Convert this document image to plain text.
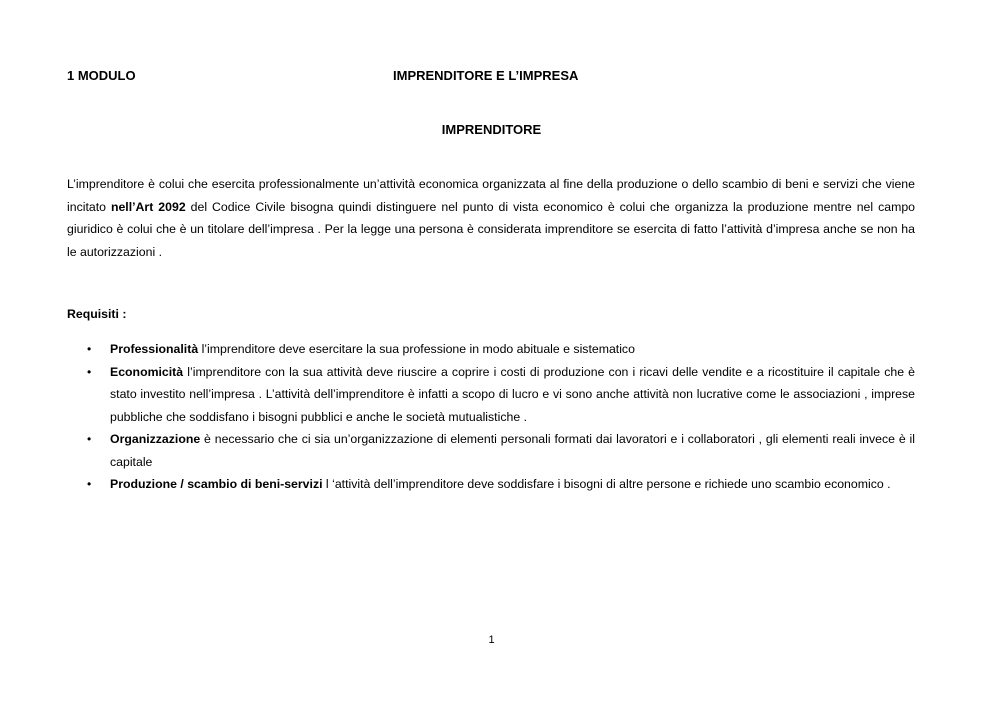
1 MODULO	IMPRENDITORE E L’IMPRESA
IMPRENDITORE

L’imprenditore è colui che esercita professionalmente un’attività economica organizzata al fine della produzione o dello scambio di beni e servizi che viene incitato nell’Art 2092 del Codice Civile bisogna quindi distinguere nel punto di vista economico è colui che organizza la produzione mentre nel campo giuridico è colui che è un titolare dell’impresa . Per la legge una persona è considerata imprenditore se esercita di fatto l’attività d’impresa anche se non ha le autorizzazioni .

Requisiti :
• Professionalità l’imprenditore deve esercitare la sua professione in modo abituale e sistematico
• Economicità l’imprenditore con la sua attività deve riuscire a coprire i costi di produzione con i ricavi delle vendite e a ricostituire il capitale che è stato investito nell’impresa . L’attività dell’imprenditore è infatti a scopo di lucro e vi sono anche attività non lucrative come le associazioni , imprese pubbliche che soddisfano i bisogni pubblici e anche le società mutualistiche .
• Organizzazione è necessario che ci sia un’organizzazione di elementi personali formati dai lavoratori e i collaboratori , gli elementi reali invece è il capitale
• Produzione / scambio di beni-servizi l ‘attività dell’imprenditore deve soddisfare i bisogni di altre persone e richiede uno scambio economico .
1
